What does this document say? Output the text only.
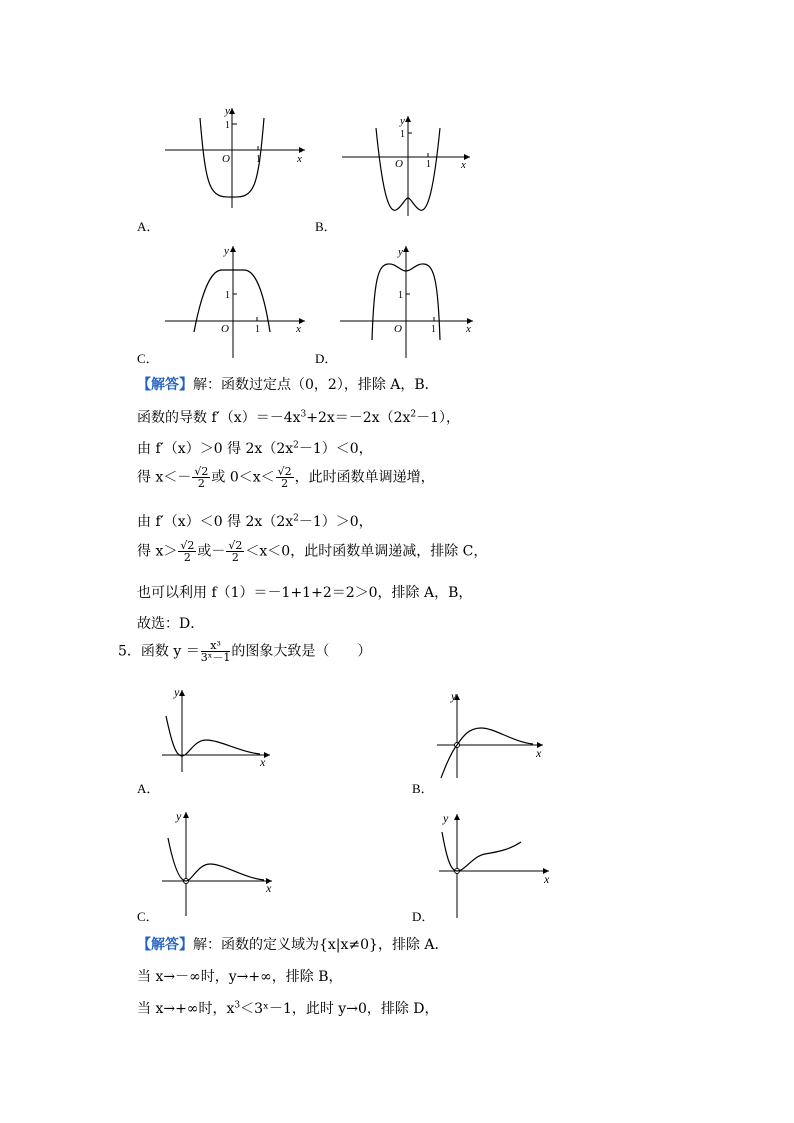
y
1
O	1	x
A．
y
1
O 1	x
B．
y
1
O	1	x
C．
y
1
O	1	x
D．
【解答】解：函数过定点（0，2），排除 A，B．
函数的导数 $f'(x)=-4x^3+2x=-2x(2x^2-1)$，
由 f′（x）＞0 得 $2x(2x^2-1)<0$，
得 $x<- \frac{√2}{2}$ 或 $0<x< \frac{√2}{2}$ ，此时函数单调递增，
由 f′（x）＜0 得 $2x(2x^2-1)>0$，
得 $x> \frac{√2}{2}$ 或－ $\frac{√2}{2} <x<0$，此时函数单调递减，排除 C，
也可以利用 f（1）＝－1+1+2＝2＞0，排除 A，B，
故选：D．
5．函数 $y = \frac{\text{x³}}{\text{3ˣ－1}}$ 的图象大致是（　　）
y
x
A．
y
x
B．
y
x
C．
y
x
D．
【解答】解：函数的定义域为{x|x≠0}，排除 A．
当 x→－∞时，y→+∞，排除 B，
当 x→+∞时，$x^3<3ˣ-1$，此时 y→0，排除 D，
